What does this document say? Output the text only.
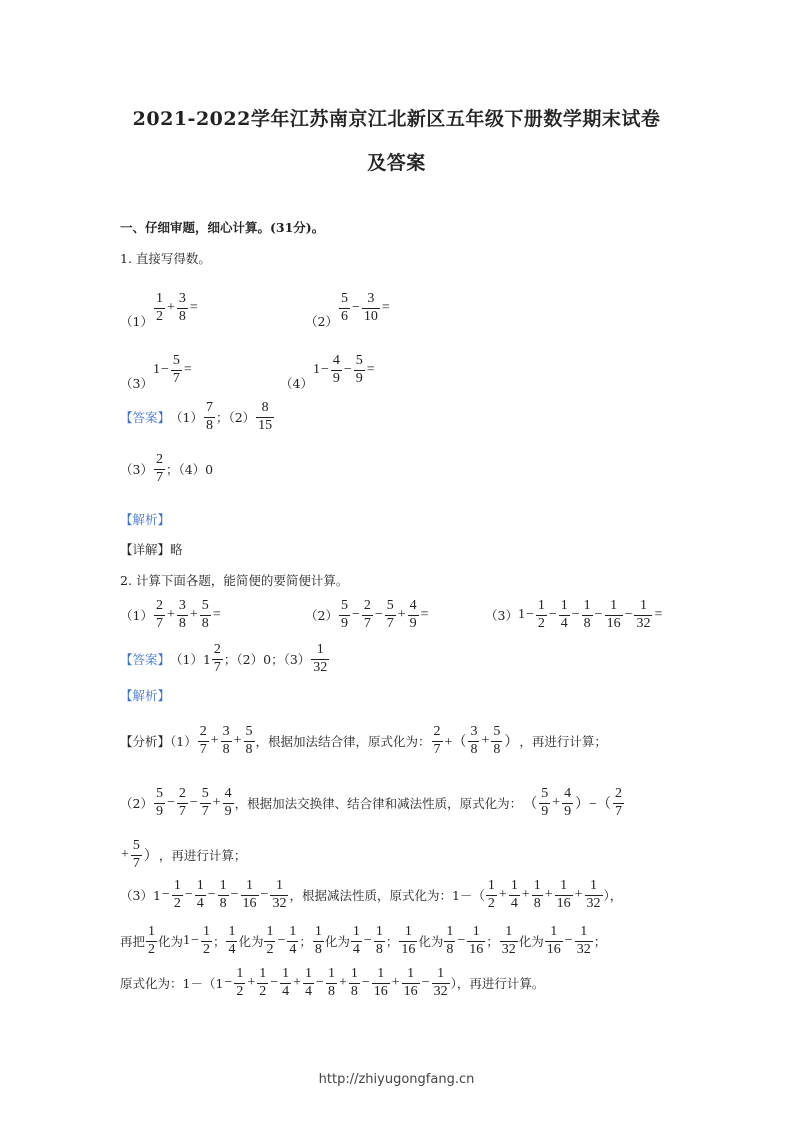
2021-2022学年江苏南京江北新区五年级下册数学期末试卷
及答案
一、仔细审题，细心计算。(31分)。
1. 直接写得数。
$(1) \frac{1}{2} + \frac{3}{8}$ =
$(2) \frac{5}{6} - \frac{3}{10}$ =
（3）
$1 - \frac{5}{7}$ =
（4）
$1 - \frac{4}{9} - \frac{5}{9}$ =
【答案】 $(1) \frac{7}{8}$ ；$(2) \frac{8}{15}$
$(3) \frac{2}{7}$ ；（4）0
【解析】
【详解】略
2. 计算下面各题，能简便的要简便计算。
$(1) \frac{2}{7} + \frac{3}{8} + \frac{5}{8}$ =	$(2) \frac{5}{9} - \frac{2}{7} - \frac{5}{7} + \frac{4}{9}$ =	（3） $1 - \frac{1}{2} - \frac{1}{4} - \frac{1}{8} - \frac{1}{16} - \frac{1}{32}$ =
【答案】 $(1)1 \frac{2}{7}$ ；（2）0；$(3) \frac{1}{32}$
【解析】
【分析】$(1) \frac{2}{7} + \frac{3}{8} + \frac{5}{8}$ ，根据加法结合律，原式化为： $\frac{2}{7}$ +（ $\frac{3}{8} + \frac{5}{8}$ ） ，再进行计算；
$(2) \frac{5}{9} - \frac{2}{7} - \frac{5}{7} + \frac{4}{9}$ ，根据加法交换律、结合律和减法性质，原式化为： （ $\frac{5}{9} + \frac{4}{9}$ ）−（ $\frac{2}{7}$
+ $\frac{5}{7}$ ） ，再进行计算；
$(3)1 - \frac{1}{2} - \frac{1}{4} - \frac{1}{8} - \frac{1}{16} - \frac{1}{32}$ ，根据减法性质，原式化为：$1-( \frac{1}{2} + \frac{1}{4} + \frac{1}{8} + \frac{1}{16} + \frac{1}{32}$ ），
再把 $\frac{1}{2}$ 化为 $1 - \frac{1}{2}$ ； $\frac{1}{4}$ 化为 $\frac{1}{2} - \frac{1}{4}$ ； $\frac{1}{8}$ 化为 $\frac{1}{4} - \frac{1}{8}$ ； $\frac{1}{16}$ 化为 $\frac{1}{8} - \frac{1}{16}$ ； $\frac{1}{32}$ 化为 $\frac{1}{16} - \frac{1}{32}$ ；
原式化为：$1-(1 - \frac{1}{2} + \frac{1}{2} - \frac{1}{4} + \frac{1}{4} - \frac{1}{8} + \frac{1}{8} - \frac{1}{16} + \frac{1}{16} - \frac{1}{32}$ ），再进行计算。
http://zhiyugongfang.cn
